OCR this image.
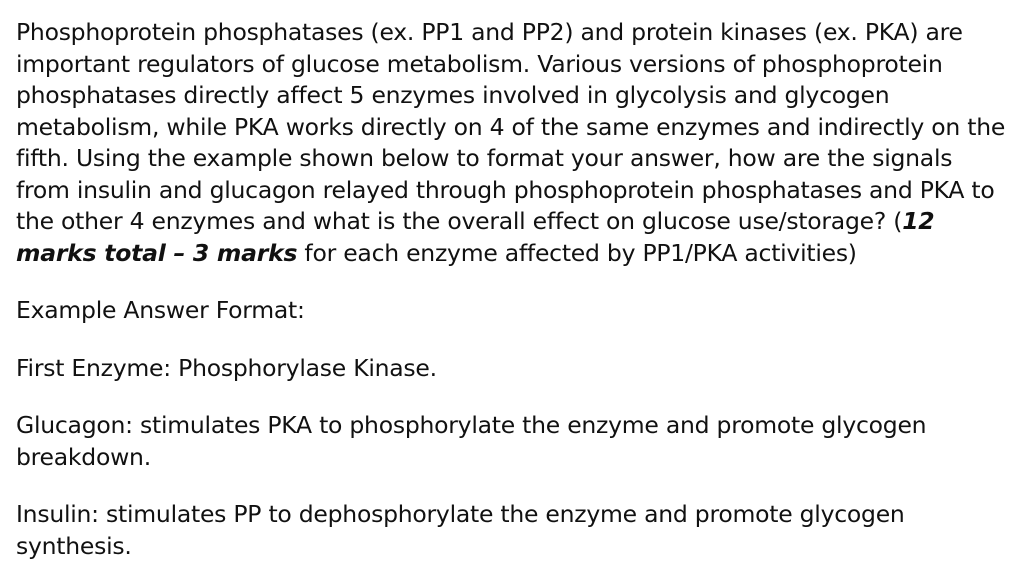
Phosphoprotein phosphatases (ex. PP1 and PP2) and protein kinases (ex. PKA) are important regulators of glucose metabolism. Various versions of phosphoprotein phosphatases directly affect 5 enzymes involved in glycolysis and glycogen metabolism, while PKA works directly on 4 of the same enzymes and indirectly on the fifth. Using the example shown below to format your answer, how are the signals from insulin and glucagon relayed through phosphoprotein phosphatases and PKA to the other 4 enzymes and what is the overall effect on glucose use/storage? (12 marks total – 3 marks for each enzyme affected by PP1/PKA activities)

Example Answer Format:

First Enzyme: Phosphorylase Kinase.

Glucagon: stimulates PKA to phosphorylate the enzyme and promote glycogen breakdown.

Insulin: stimulates PP to dephosphorylate the enzyme and promote glycogen synthesis.
